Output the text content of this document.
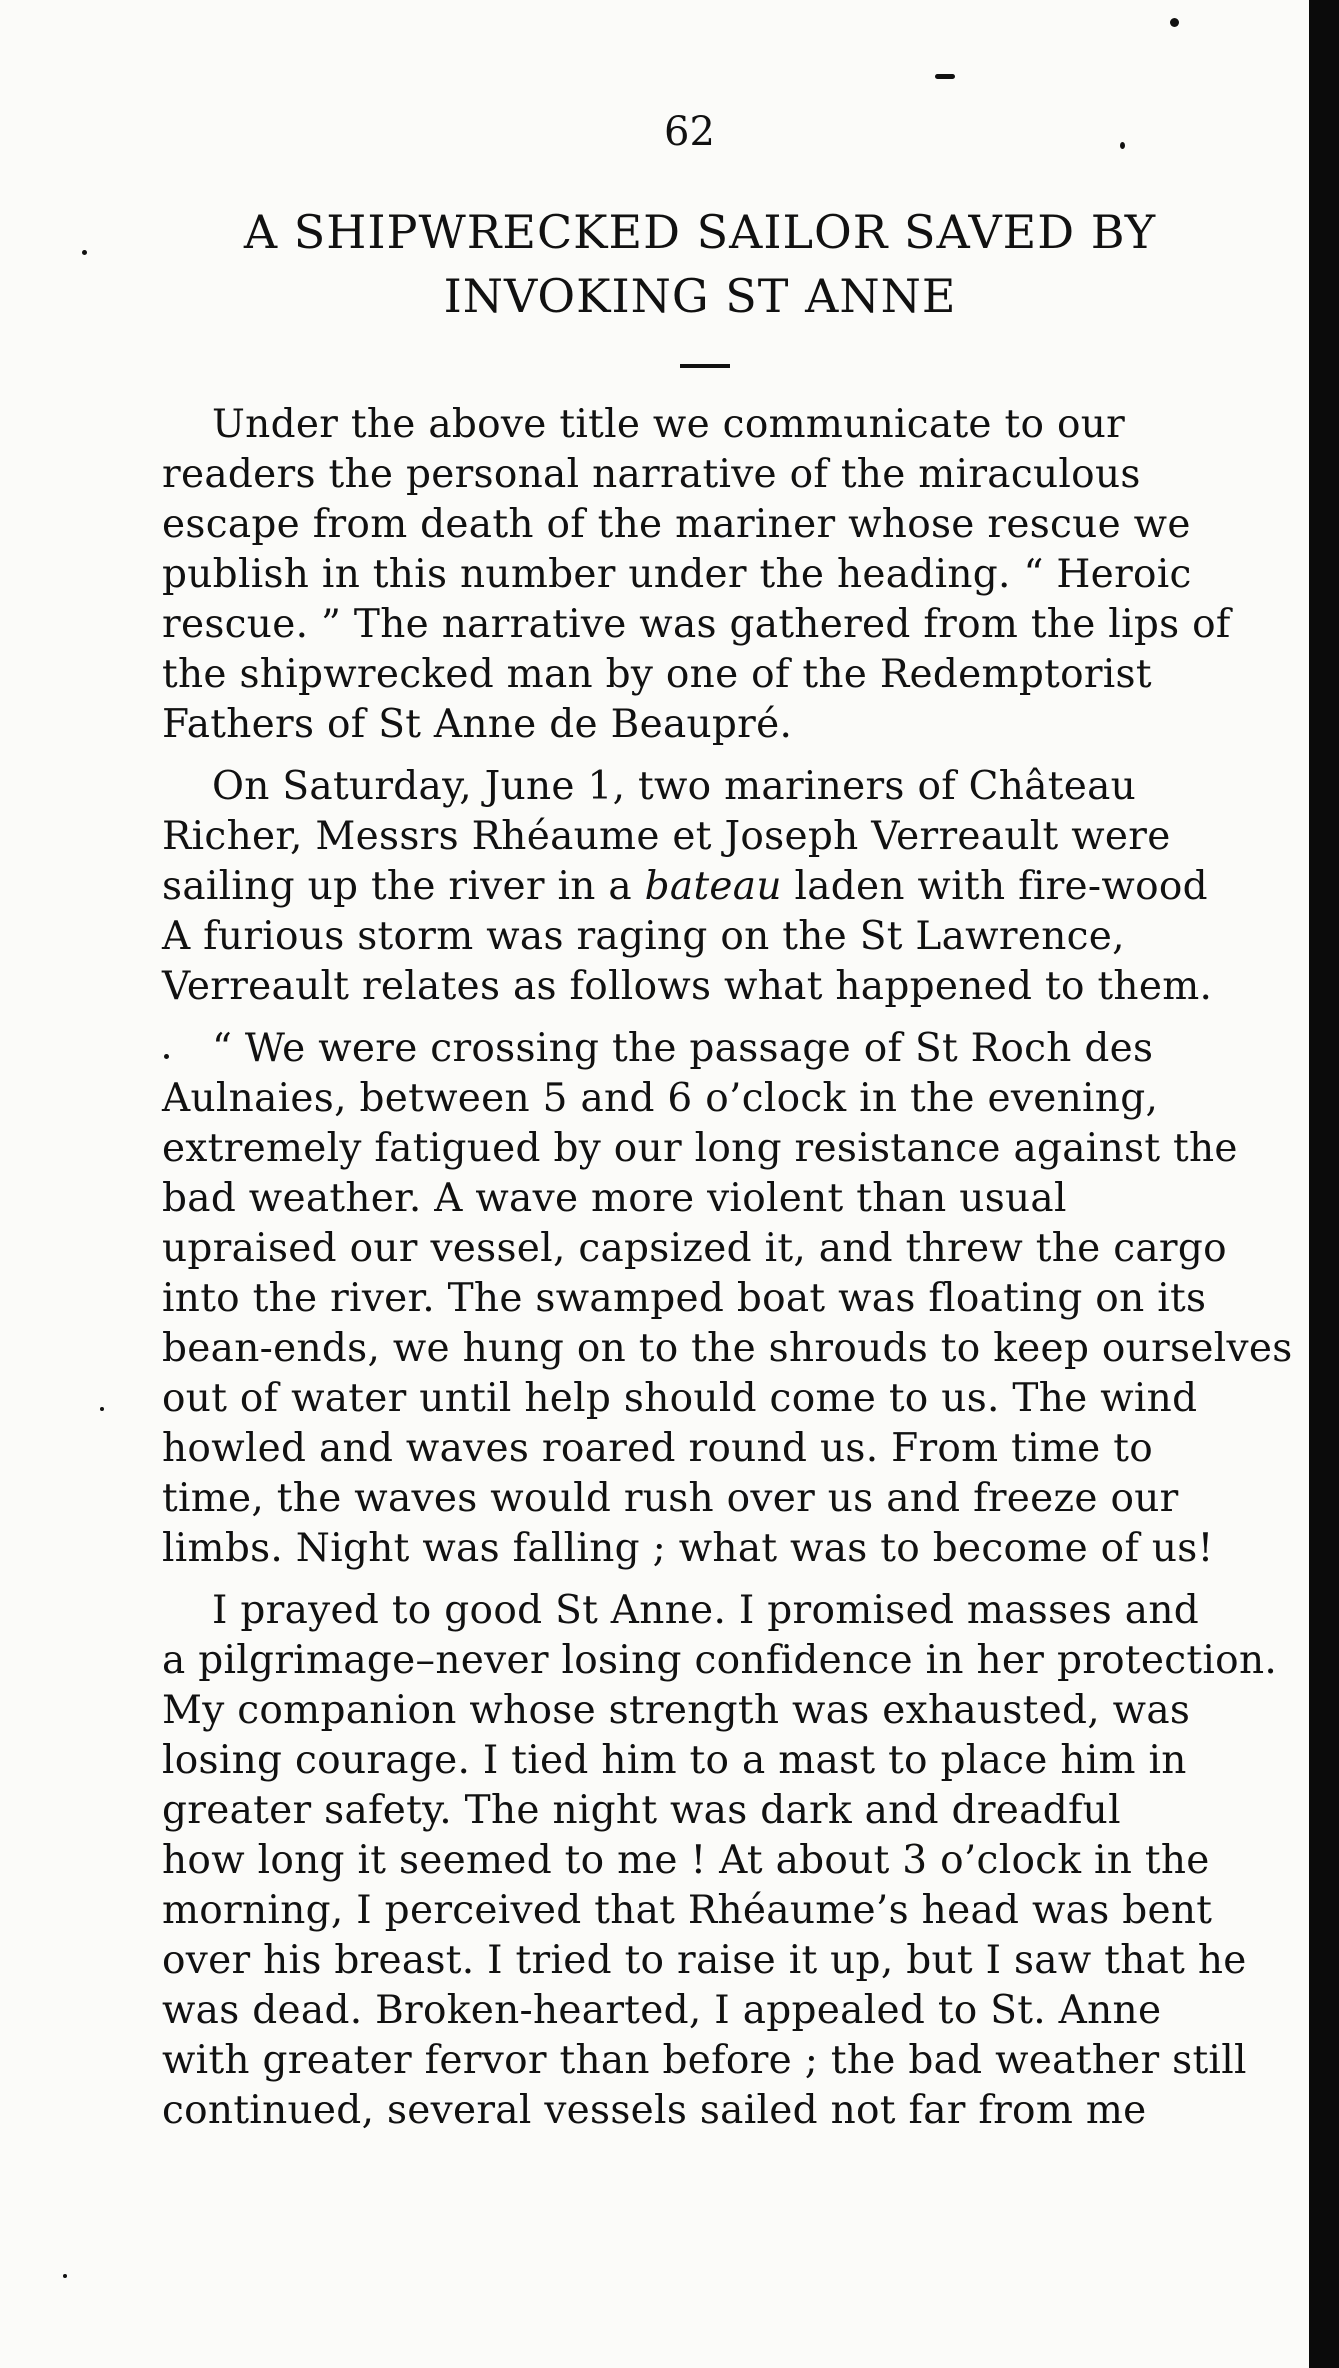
62
A SHIPWRECKED SAILOR SAVED BY
INVOKING ST ANNE
Under the above title we communicate to our
readers the personal narrative of the miraculous
escape from death of the mariner whose rescue we
publish in this number under the heading. “ Heroic
rescue. ” The narrative was gathered from the lips of
the shipwrecked man by one of the Redemptorist
Fathers of St Anne de Beaupré.
On Saturday, June 1, two mariners of Château
Richer, Messrs Rhéaume et Joseph Verreault were
sailing up the river in a bateau laden with fire-wood
A furious storm was raging on the St Lawrence,
Verreault relates as follows what happened to them.
“ We were crossing the passage of St Roch des
Aulnaies, between 5 and 6 o’clock in the evening,
extremely fatigued by our long resistance against the
bad weather. A wave more violent than usual
upraised our vessel, capsized it, and threw the cargo
into the river. The swamped boat was floating on its
bean-ends, we hung on to the shrouds to keep ourselves
out of water until help should come to us. The wind
howled and waves roared round us. From time to
time, the waves would rush over us and freeze our
limbs. Night was falling ; what was to become of us!
I prayed to good St Anne. I promised masses and
a pilgrimage–never losing confidence in her protection.
My companion whose strength was exhausted, was
losing courage. I tied him to a mast to place him in
greater safety. The night was dark and dreadful
how long it seemed to me ! At about 3 o’clock in the
morning, I perceived that Rhéaume’s head was bent
over his breast. I tried to raise it up, but I saw that he
was dead. Broken-hearted, I appealed to St. Anne
with greater fervor than before ; the bad weather still
continued, several vessels sailed not far from me
